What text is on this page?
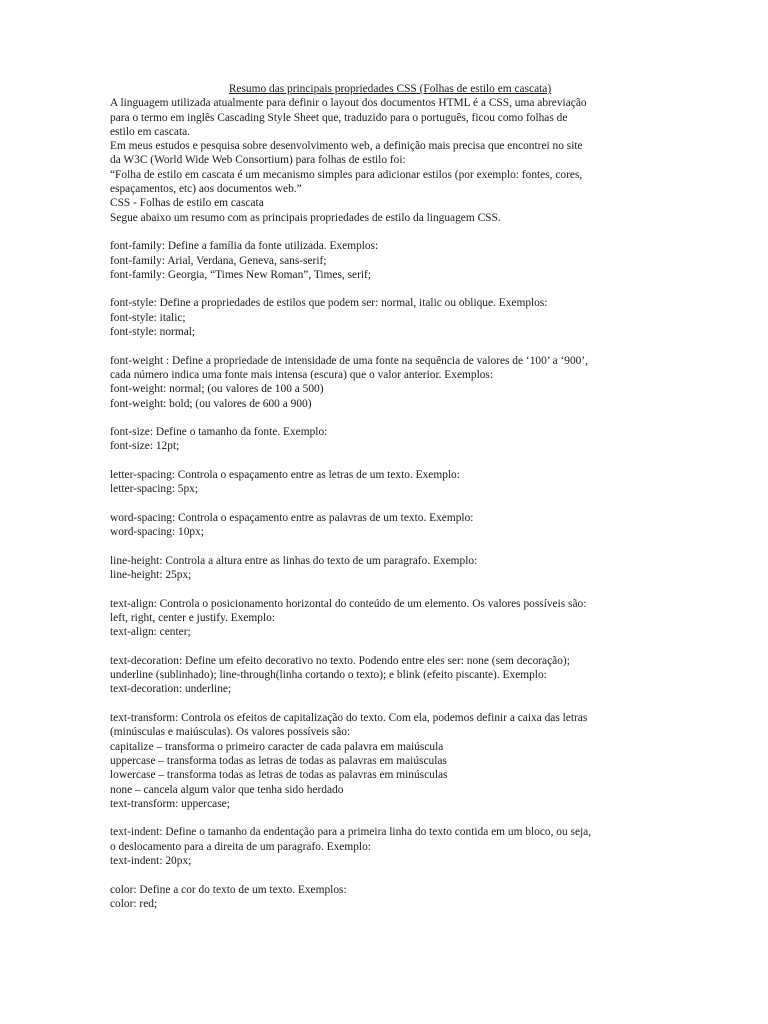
Resumo das principais propriedades CSS (Folhas de estilo em cascata)

A linguagem utilizada atualmente para definir o layout dos documentos HTML é a CSS, uma abreviação

para o termo em inglês Cascading Style Sheet que, traduzido para o português, ficou como folhas de

estilo em cascata.

Em meus estudos e pesquisa sobre desenvolvimento web, a definição mais precisa que encontrei no site

da W3C (World Wide Web Consortium) para folhas de estilo foi:

“Folha de estilo em cascata é um mecanismo simples para adicionar estilos (por exemplo: fontes, cores,

espaçamentos, etc) aos documentos web.”

CSS - Folhas de estilo em cascata

Segue abaixo um resumo com as principais propriedades de estilo da linguagem CSS.

font-family: Define a família da fonte utilizada. Exemplos:

font-family: Arial, Verdana, Geneva, sans-serif;

font-family: Georgia, “Times New Roman”, Times, serif;

font-style: Define a propriedades de estilos que podem ser: normal, italic ou oblique. Exemplos:

font-style: italic;

font-style: normal;

font-weight : Define a propriedade de intensidade de uma fonte na sequência de valores de ‘100’ a ‘900’,

cada número indica uma fonte mais intensa (escura) que o valor anterior. Exemplos:

font-weight: normal; (ou valores de 100 a 500)

font-weight: bold; (ou valores de 600 a 900)

font-size: Define o tamanho da fonte. Exemplo:

font-size: 12pt;

letter-spacing: Controla o espaçamento entre as letras de um texto. Exemplo:

letter-spacing: 5px;

word-spacing: Controla o espaçamento entre as palavras de um texto. Exemplo:

word-spacing: 10px;

line-height: Controla a altura entre as linhas do texto de um paragrafo. Exemplo:

line-height: 25px;

text-align: Controla o posicionamento horizontal do conteúdo de um elemento. Os valores possíveis são:

left, right, center e justify. Exemplo:

text-align: center;

text-decoration: Define um efeito decorativo no texto. Podendo entre eles ser: none (sem decoração);

underline (sublinhado); line-through(linha cortando o texto); e blink (efeito piscante). Exemplo:

text-decoration: underline;

text-transform: Controla os efeitos de capitalização do texto. Com ela, podemos definir a caixa das letras

(minúsculas e maiúsculas). Os valores possíveis são:

capitalize – transforma o primeiro caracter de cada palavra em maiúscula

uppercase – transforma todas as letras de todas as palavras em maiúsculas

lowercase – transforma todas as letras de todas as palavras em minúsculas

none – cancela algum valor que tenha sido herdado

text-transform: uppercase;

text-indent: Define o tamanho da endentação para a primeira linha do texto contida em um bloco, ou seja,

o deslocamento para a direita de um paragrafo. Exemplo:

text-indent: 20px;

color: Define a cor do texto de um texto. Exemplos:

color: red;
